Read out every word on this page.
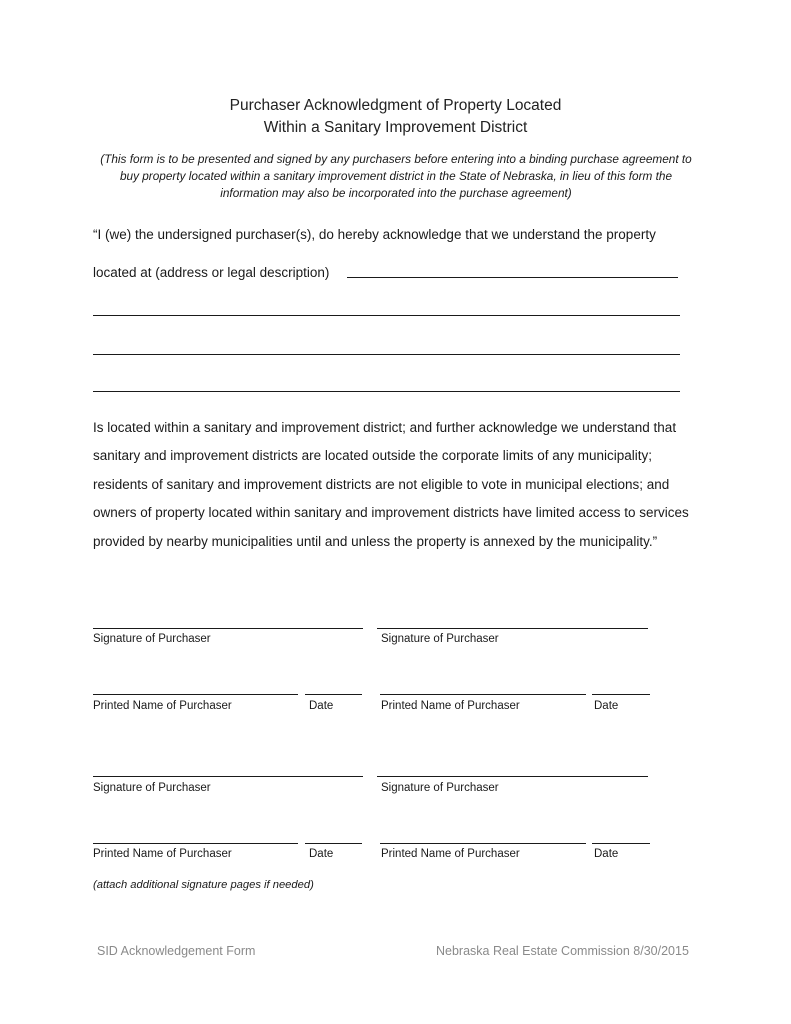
Purchaser Acknowledgment of Property Located
Within a Sanitary Improvement District
(This form is to be presented and signed by any purchasers before entering into a binding purchase agreement to buy property located within a sanitary improvement district in the State of Nebraska, in lieu of this form the information may also be incorporated into the purchase agreement)
“I (we) the undersigned purchaser(s), do hereby acknowledge that we understand the property
located at (address or legal description)

Is located within a sanitary and improvement district; and further acknowledge we understand that sanitary and improvement districts are located outside the corporate limits of any municipality; residents of sanitary and improvement districts are not eligible to vote in municipal elections; and owners of property located within sanitary and improvement districts have limited access to services provided by nearby municipalities until and unless the property is annexed by the municipality.”

Signature of Purchaser	Signature of Purchaser
Printed Name of Purchaser	Date	Printed Name of Purchaser	Date
Signature of Purchaser	Signature of Purchaser
Printed Name of Purchaser	Date	Printed Name of Purchaser	Date
(attach additional signature pages if needed)
SID Acknowledgement Form	Nebraska Real Estate Commission 8/30/2015
